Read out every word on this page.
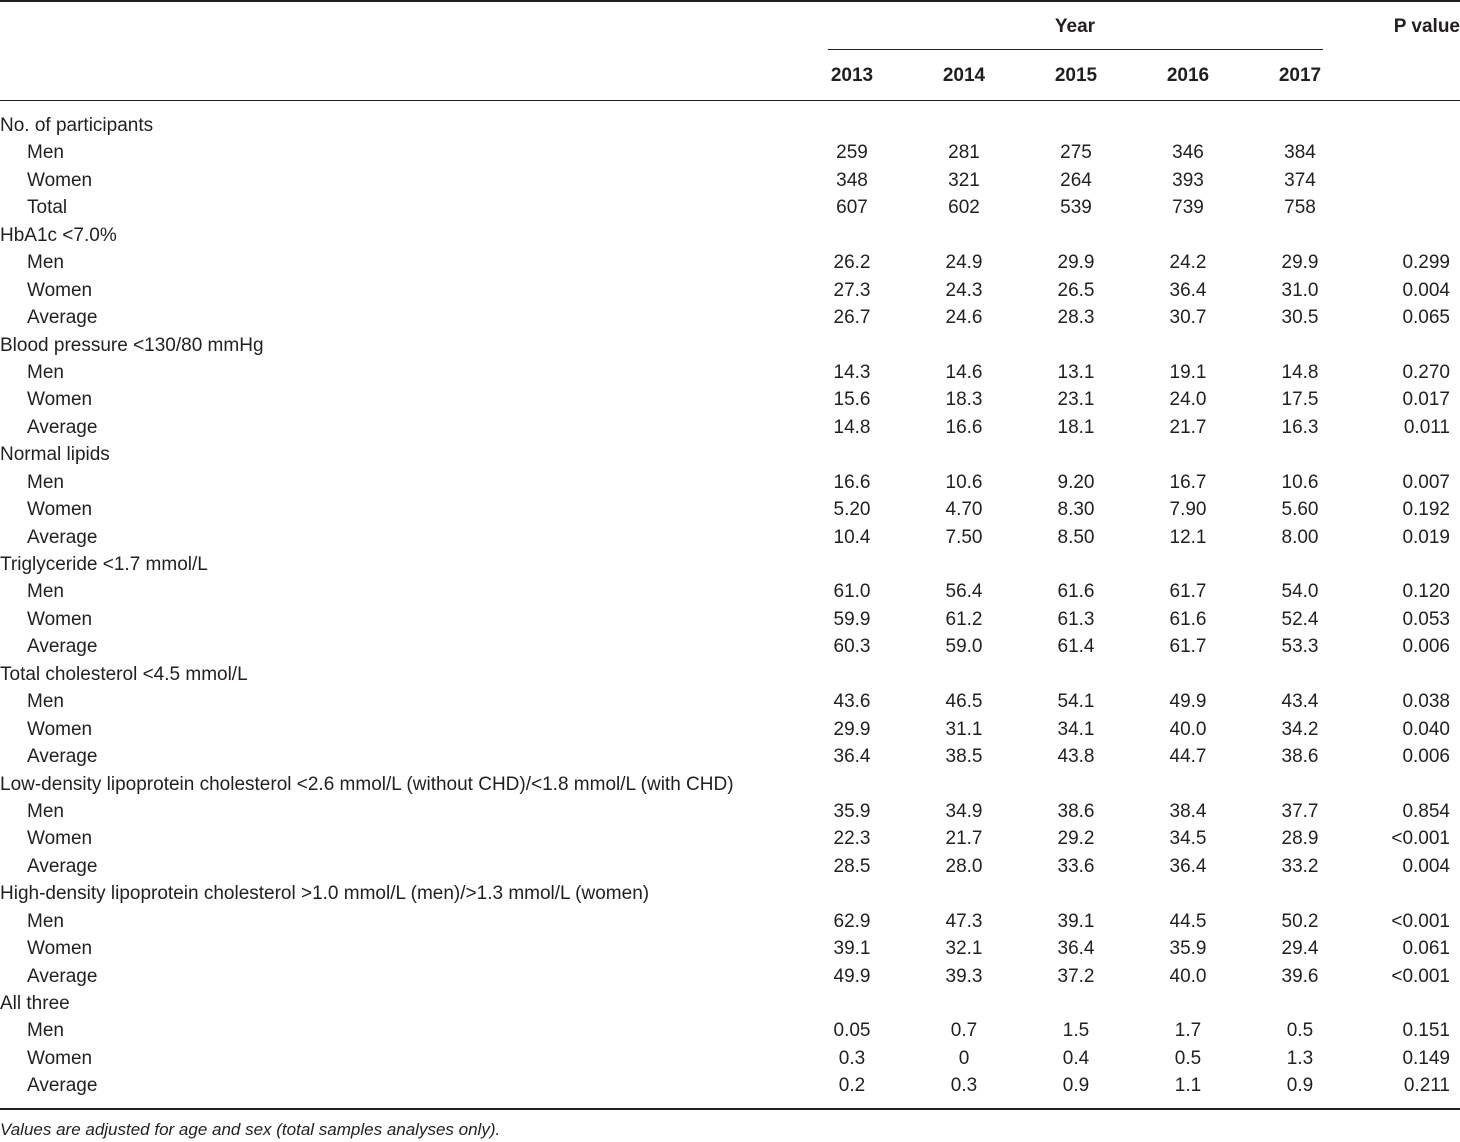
Year	P value
2013	2014	2015	2016	2017
No. of participants
Men	259	281	275	346	384
Women	348	321	264	393	374
Total	607	602	539	739	758
HbA1c <7.0%
Men	26.2	24.9	29.9	24.2	29.9	0.299
Women	27.3	24.3	26.5	36.4	31.0	0.004
Average	26.7	24.6	28.3	30.7	30.5	0.065
Blood pressure <130/80 mmHg
Men	14.3	14.6	13.1	19.1	14.8	0.270
Women	15.6	18.3	23.1	24.0	17.5	0.017
Average	14.8	16.6	18.1	21.7	16.3	0.011
Normal lipids
Men	16.6	10.6	9.20	16.7	10.6	0.007
Women	5.20	4.70	8.30	7.90	5.60	0.192
Average	10.4	7.50	8.50	12.1	8.00	0.019
Triglyceride <1.7 mmol/L
Men	61.0	56.4	61.6	61.7	54.0	0.120
Women	59.9	61.2	61.3	61.6	52.4	0.053
Average	60.3	59.0	61.4	61.7	53.3	0.006
Total cholesterol <4.5 mmol/L
Men	43.6	46.5	54.1	49.9	43.4	0.038
Women	29.9	31.1	34.1	40.0	34.2	0.040
Average	36.4	38.5	43.8	44.7	38.6	0.006
Low-density lipoprotein cholesterol <2.6 mmol/L (without CHD)/<1.8 mmol/L (with CHD)
Men	35.9	34.9	38.6	38.4	37.7	0.854
Women	22.3	21.7	29.2	34.5	28.9	<0.001
Average	28.5	28.0	33.6	36.4	33.2	0.004
High-density lipoprotein cholesterol >1.0 mmol/L (men)/>1.3 mmol/L (women)
Men	62.9	47.3	39.1	44.5	50.2	<0.001
Women	39.1	32.1	36.4	35.9	29.4	0.061
Average	49.9	39.3	37.2	40.0	39.6	<0.001
All three
Men	0.05	0.7	1.5	1.7	0.5	0.151
Women	0.3	0	0.4	0.5	1.3	0.149
Average	0.2	0.3	0.9	1.1	0.9	0.211
Values are adjusted for age and sex (total samples analyses only).
